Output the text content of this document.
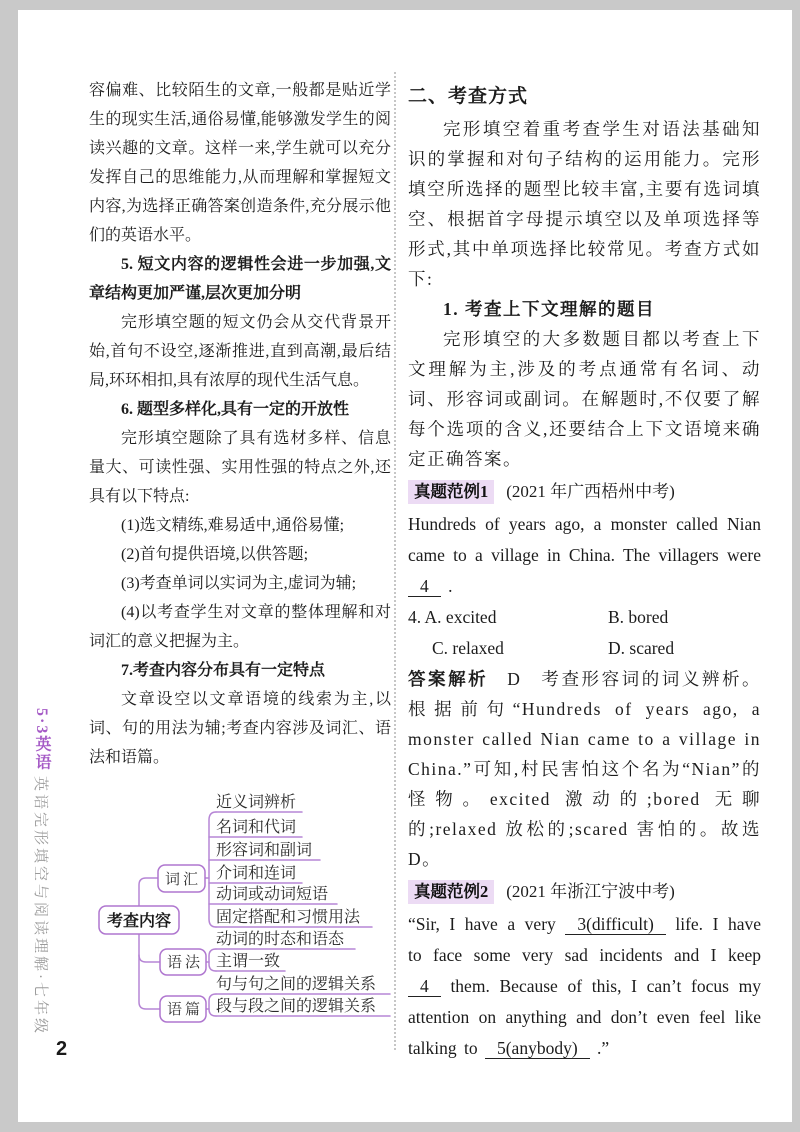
5·3英语
英语完形填空与阅读理解·七年级
2
容偏难、比较陌生的文章,一般都是贴近学生的现实生活,通俗易懂,能够激发学生的阅读兴趣的文章。这样一来,学生就可以充分发挥自己的思维能力,从而理解和掌握短文内容,为选择正确答案创造条件,充分展示他们的英语水平。
5. 短文内容的逻辑性会进一步加强,文章结构更加严谨,层次更加分明
完形填空题的短文仍会从交代背景开始,首句不设空,逐渐推进,直到高潮,最后结局,环环相扣,具有浓厚的现代生活气息。
6. 题型多样化,具有一定的开放性
完形填空题除了具有选材多样、信息量大、可读性强、实用性强的特点之外,还具有以下特点:
(1)选文精练,难易适中,通俗易懂;
(2)首句提供语境,以供答题;
(3)考查单词以实词为主,虚词为辅;
(4)以考查学生对文章的整体理解和对词汇的意义把握为主。
7.考查内容分布具有一定特点
文章设空以文章语境的线索为主,以词、句的用法为辅;考查内容涉及词汇、语法和语篇。
二、考查方式
完形填空着重考查学生对语法基础知识的掌握和对句子结构的运用能力。完形填空所选择的题型比较丰富,主要有选词填空、根据首字母提示填空以及单项选择等形式,其中单项选择比较常见。考查方式如下:
1. 考查上下文理解的题目
完形填空的大多数题目都以考查上下文理解为主,涉及的考点通常有名词、动词、形容词或副词。在解题时,不仅要了解每个选项的含义,还要结合上下文语境来确定正确答案。
真题范例1 (2021 年广西梧州中考)
Hundreds of years ago, a monster called Nian came to a village in China. The villagers were 4 .
4. A. excited	B. bored
C. relaxed	D. scared
答案解析 D 考查形容词的词义辨析。根据前句“Hundreds of years ago, a monster called Nian came to a village in China.”可知,村民害怕这个名为“Nian”的怪物。excited 激动的;bored 无聊的;relaxed 放松的;scared 害怕的。故选 D。
真题范例2 (2021 年浙江宁波中考)
“Sir, I have a very 3(difficult) life. I have to face some very sad incidents and I keep 4 them. Because of this, I can’t focus my attention on anything and don’t even feel like talking to 5(anybody) .”
考查内容
词汇
语法
语篇
近义词辨析
名词和代词
形容词和副词
介词和连词
动词或动词短语
固定搭配和习惯用法
动词的时态和语态
主谓一致
句与句之间的逻辑关系
段与段之间的逻辑关系
